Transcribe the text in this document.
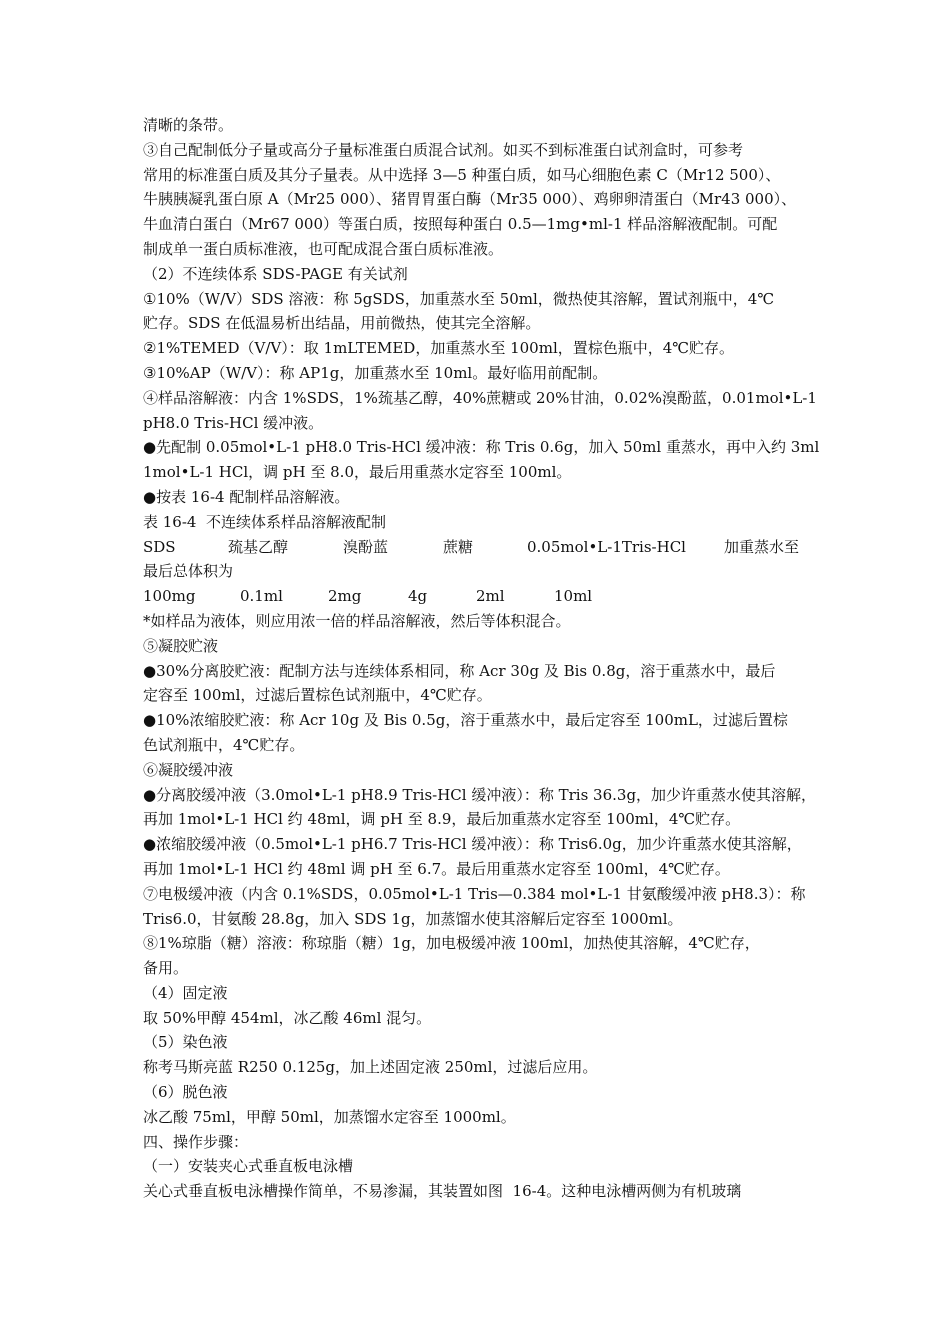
清晰的条带。
③自己配制低分子量或高分子量标准蛋白质混合试剂。如买不到标准蛋白试剂盒时，可参考
常用的标准蛋白质及其分子量表。从中选择 3—5 种蛋白质，如马心细胞色素 C（Mr12 500）、
牛胰胰凝乳蛋白原 A（Mr25 000）、猪胃胃蛋白酶（Mr35 000）、鸡卵卵清蛋白（Mr43 000）、
牛血清白蛋白（Mr67 000）等蛋白质，按照每种蛋白 0.5—1mg•ml-1 样品溶解液配制。可配
制成单一蛋白质标准液，也可配成混合蛋白质标准液。
（2）不连续体系 SDS-PAGE 有关试剂
①10%（W/V）SDS 溶液：称 5gSDS，加重蒸水至 50ml，微热使其溶解，置试剂瓶中，4℃
贮存。SDS 在低温易析出结晶，用前微热，使其完全溶解。
②1%TEMED（V/V）：取 1mLTEMED，加重蒸水至 100ml，置棕色瓶中，4℃贮存。
③10%AP（W/V）：称 AP1g，加重蒸水至 10ml。最好临用前配制。
④样品溶解液：内含 1%SDS，1%巯基乙醇，40%蔗糖或 20%甘油，0.02%溴酚蓝，0.01mol•L-1
pH8.0 Tris-HCl 缓冲液。
●先配制 0.05mol•L-1 pH8.0 Tris-HCl 缓冲液：称 Tris 0.6g，加入 50ml 重蒸水，再中入约 3ml
1mol•L-1 HCl，调 pH 至 8.0，最后用重蒸水定容至 100ml。
●按表 16-4 配制样品溶解液。
表 16-4  不连续体系样品溶解液配制
SDS	巯基乙醇	溴酚蓝	蔗糖	0.05mol•L-1Tris-HCl	加重蒸水至
最后总体积为
100mg	0.1ml	2mg	4g	2ml	10ml
*如样品为液体，则应用浓一倍的样品溶解液，然后等体积混合。
⑤凝胶贮液
●30%分离胶贮液：配制方法与连续体系相同，称 Acr 30g 及 Bis 0.8g，溶于重蒸水中，最后
定容至 100ml，过滤后置棕色试剂瓶中，4℃贮存。
●10%浓缩胶贮液：称 Acr 10g 及 Bis 0.5g，溶于重蒸水中，最后定容至 100mL，过滤后置棕
色试剂瓶中，4℃贮存。
⑥凝胶缓冲液
●分离胶缓冲液（3.0mol•L-1 pH8.9 Tris-HCl 缓冲液）：称 Tris 36.3g，加少许重蒸水使其溶解，
再加 1mol•L-1 HCl 约 48ml，调 pH 至 8.9，最后加重蒸水定容至 100ml，4℃贮存。
●浓缩胶缓冲液（0.5mol•L-1 pH6.7 Tris-HCl 缓冲液）：称 Tris6.0g，加少许重蒸水使其溶解，
再加 1mol•L-1 HCl 约 48ml 调 pH 至 6.7。最后用重蒸水定容至 100ml，4℃贮存。
⑦电极缓冲液（内含 0.1%SDS，0.05mol•L-1 Tris—0.384 mol•L-1 甘氨酸缓冲液 pH8.3）：称
Tris6.0，甘氨酸 28.8g，加入 SDS 1g，加蒸馏水使其溶解后定容至 1000ml。
⑧1%琼脂（糖）溶液：称琼脂（糖）1g，加电极缓冲液 100ml，加热使其溶解，4℃贮存，
备用。
（4）固定液
取 50%甲醇 454ml，冰乙酸 46ml 混匀。
（5）染色液
称考马斯亮蓝 R250 0.125g，加上述固定液 250ml，过滤后应用。
（6）脱色液
冰乙酸 75ml，甲醇 50ml，加蒸馏水定容至 1000ml。
四、操作步骤：
（一）安装夹心式垂直板电泳槽
关心式垂直板电泳槽操作简单，不易渗漏，其装置如图  16-4。这种电泳槽两侧为有机玻璃
